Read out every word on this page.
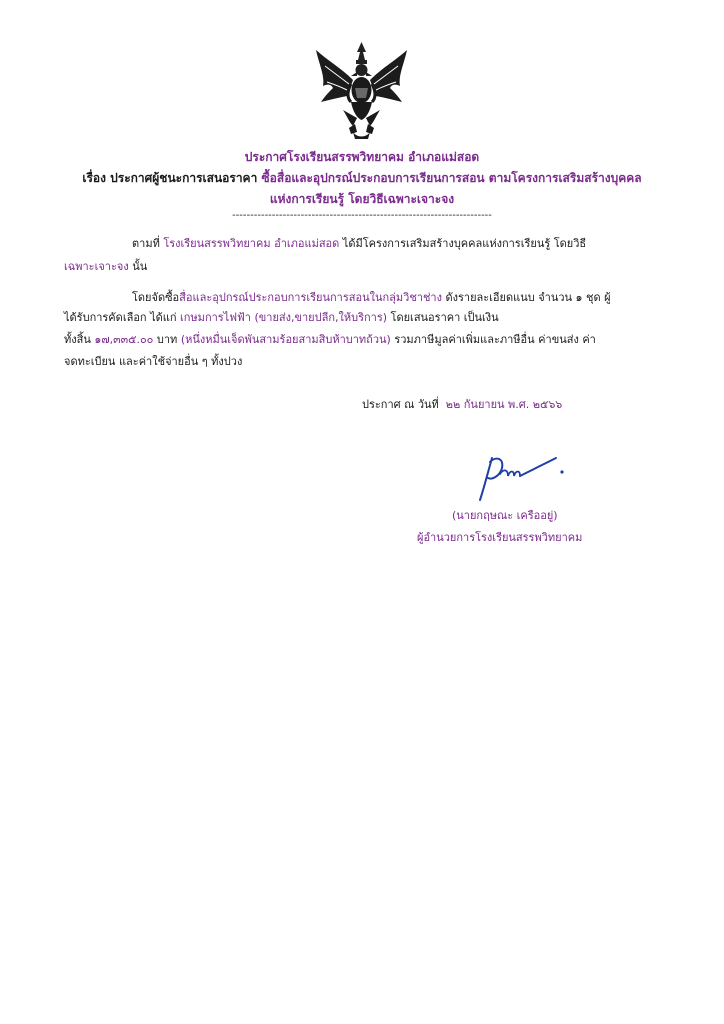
ประกาศโรงเรียนสรรพวิทยาคม อำเภอแม่สอด
เรื่อง ประกาศผู้ชนะการเสนอราคา ซื้อสื่อและอุปกรณ์ประกอบการเรียนการสอน ตามโครงการเสริมสร้างบุคคล
แห่งการเรียนรู้ โดยวิธีเฉพาะเจาะจง
------------------------------------------------------------------------
ตามที่ โรงเรียนสรรพวิทยาคม อำเภอแม่สอด ได้มีโครงการเสริมสร้างบุคคลแห่งการเรียนรู้ โดยวิธี
เฉพาะเจาะจง นั้น
โดยจัดซื้อสื่อและอุปกรณ์ประกอบการเรียนการสอนในกลุ่มวิชาช่าง ดังรายละเอียดแนบ จำนวน ๑ ชุด ผู้
ได้รับการคัดเลือก ได้แก่ เกษมการไฟฟ้า (ขายส่ง,ขายปลีก,ให้บริการ) โดยเสนอราคา เป็นเงิน
ทั้งสิ้น ๑๗,๓๓๕.๐๐ บาท (หนึ่งหมื่นเจ็ดพันสามร้อยสามสิบห้าบาทถ้วน) รวมภาษีมูลค่าเพิ่มและภาษีอื่น ค่าขนส่ง ค่า
จดทะเบียน และค่าใช้จ่ายอื่น ๆ ทั้งปวง
ประกาศ ณ วันที่ ๒๒ กันยายน พ.ศ. ๒๕๖๖
(นายกฤษณะ เครืออยู่)
ผู้อำนวยการโรงเรียนสรรพวิทยาคม
